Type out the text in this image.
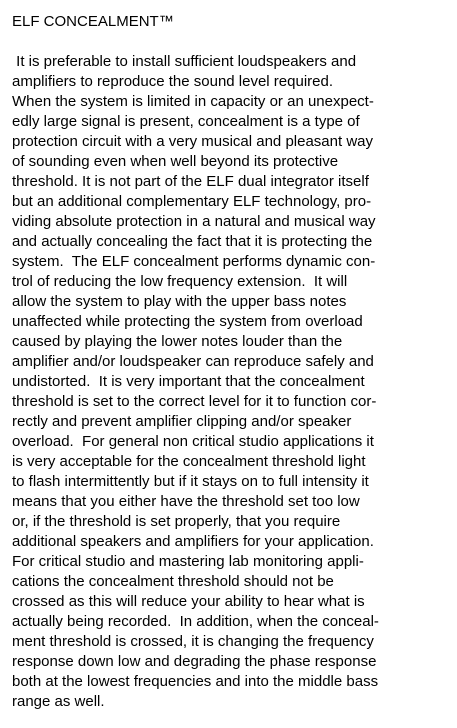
ELF CONCEALMENT™
It is preferable to install sufficient loudspeakers and
amplifiers to reproduce the sound level required.
When the system is limited in capacity or an unexpect-
edly large signal is present, concealment is a type of
protection circuit with a very musical and pleasant way
of sounding even when well beyond its protective
threshold. It is not part of the ELF dual integrator itself
but an additional complementary ELF technology, pro-
viding absolute protection in a natural and musical way
and actually concealing the fact that it is protecting the
system.  The ELF concealment performs dynamic con-
trol of reducing the low frequency extension.  It will
allow the system to play with the upper bass notes
unaffected while protecting the system from overload
caused by playing the lower notes louder than the
amplifier and/or loudspeaker can reproduce safely and
undistorted.  It is very important that the concealment
threshold is set to the correct level for it to function cor-
rectly and prevent amplifier clipping and/or speaker
overload.  For general non critical studio applications it
is very acceptable for the concealment threshold light
to flash intermittently but if it stays on to full intensity it
means that you either have the threshold set too low
or, if the threshold is set properly, that you require
additional speakers and amplifiers for your application.
For critical studio and mastering lab monitoring appli-
cations the concealment threshold should not be
crossed as this will reduce your ability to hear what is
actually being recorded.  In addition, when the conceal-
ment threshold is crossed, it is changing the frequency
response down low and degrading the phase response
both at the lowest frequencies and into the middle bass
range as well.
